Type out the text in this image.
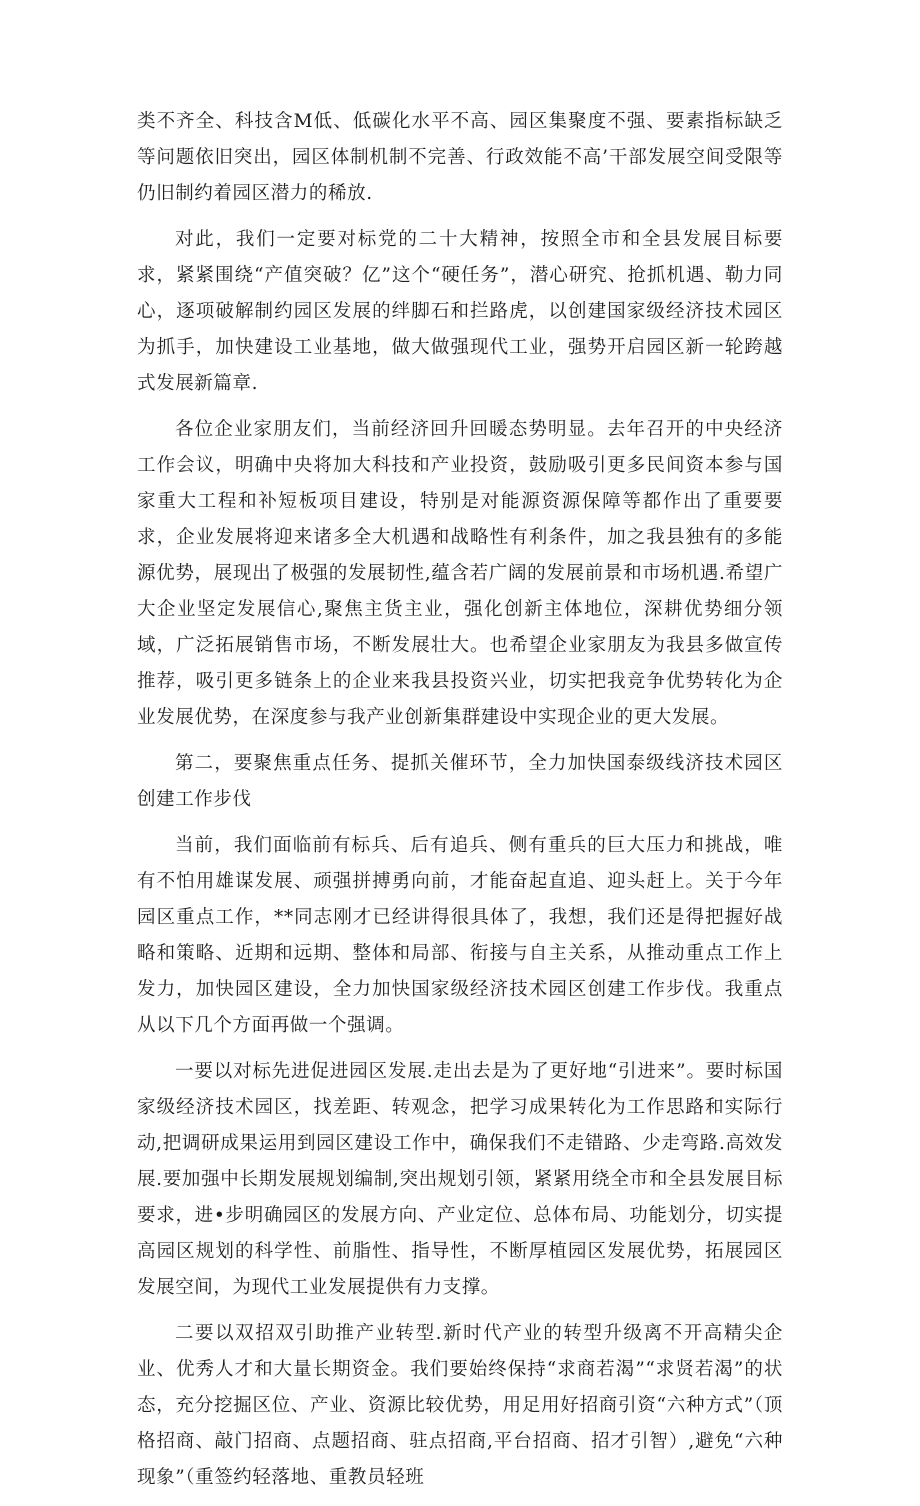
类不齐全、科技含M低、低碳化水平不高、园区集聚度不强、要素指标缺乏等问题依旧突出，园区体制机制不完善、行政效能不高’干部发展空间受限等仍旧制约着园区潜力的稀放.

对此，我们一定要对标党的二十大精神，按照全市和全县发展目标要求，紧紧围绕“产值突破？亿”这个“硬任务”，潜心研究、抢抓机遇、勒力同心，逐项破解制约园区发展的绊脚石和拦路虎，以创建国家级经济技术园区为抓手，加快建设工业基地，做大做强现代工业，强势开启园区新一轮跨越式发展新篇章.

各位企业家朋友们，当前经济回升回暖态势明显。去年召开的中央经济工作会议，明确中央将加大科技和产业投资，鼓励吸引更多民间资本参与国家重大工程和补短板项目建设，特别是对能源资源保障等都作出了重要要求，企业发展将迎来诸多全大机遇和战略性有利条件，加之我县独有的多能源优势，展现出了极强的发展韧性,蕴含若广阔的发展前景和市场机遇.希望广大企业坚定发展信心,聚焦主货主业，强化创新主体地位，深耕优势细分领域，广泛拓展销售市场，不断发展壮大。也希望企业家朋友为我县多做宣传推荐，吸引更多链条上的企业来我县投资兴业，切实把我竞争优势转化为企业发展优势，在深度参与我产业创新集群建设中实现企业的更大发展。

第二，要聚焦重点任务、提抓关催环节，全力加快国泰级线济技术园区创建工作步伐

当前，我们面临前有标兵、后有追兵、侧有重兵的巨大压力和挑战，唯有不怕用雄谋发展、顽强拼搏勇向前，才能奋起直追、迎头赶上。关于今年园区重点工作，**同志刚才已经讲得很具体了，我想，我们还是得把握好战略和策略、近期和远期、整体和局部、衔接与自主关系，从推动重点工作上发力，加快园区建设，全力加快国家级经济技术园区创建工作步伐。我重点从以下几个方面再做一个强调。

一要以对标先进促进园区发展.走出去是为了更好地“引进来”。要时标国家级经济技术园区，找差距、转观念，把学习成果转化为工作思路和实际行动,把调研成果运用到园区建设工作中，确保我们不走错路、少走弯路.高效发展.要加强中长期发展规划编制,突出规划引领，紧紧用绕全市和全县发展目标要求，进•步明确园区的发展方向、产业定位、总体布局、功能划分，切实提高园区规划的科学性、前脂性、指导性，不断厚植园区发展优势，拓展园区发展空间，为现代工业发展提供有力支撑。

二要以双招双引助推产业转型.新时代产业的转型升级离不开高精尖企业、优秀人才和大量长期资金。我们要始终保持“求商若渴”“求贤若渴”的状态，充分挖掘区位、产业、资源比较优势，用足用好招商引资“六种方式”（顶格招商、敲门招商、点题招商、驻点招商,平台招商、招才引智）,避免“六种现象”（重签约轻落地、重教员轻班
